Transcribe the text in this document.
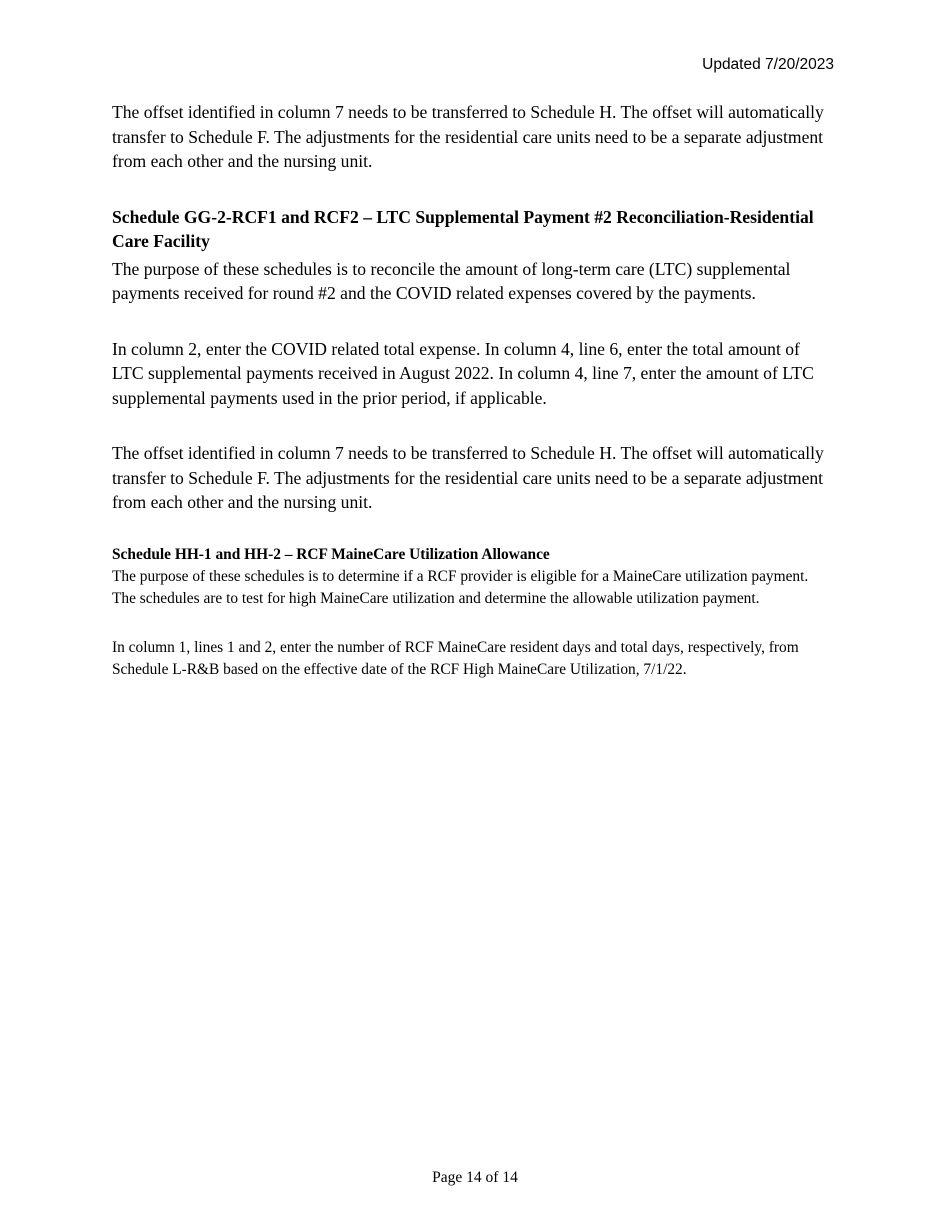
Updated 7/20/2023

The offset identified in column 7 needs to be transferred to Schedule H. The offset will automatically transfer to Schedule F. The adjustments for the residential care units need to be a separate adjustment from each other and the nursing unit.

Schedule GG-2-RCF1 and RCF2 – LTC Supplemental Payment #2 Reconciliation-Residential Care Facility

The purpose of these schedules is to reconcile the amount of long-term care (LTC) supplemental payments received for round #2 and the COVID related expenses covered by the payments.

In column 2, enter the COVID related total expense. In column 4, line 6, enter the total amount of LTC supplemental payments received in August 2022. In column 4, line 7, enter the amount of LTC supplemental payments used in the prior period, if applicable.

The offset identified in column 7 needs to be transferred to Schedule H. The offset will automatically transfer to Schedule F. The adjustments for the residential care units need to be a separate adjustment from each other and the nursing unit.

Schedule HH-1 and HH-2 – RCF MaineCare Utilization Allowance

The purpose of these schedules is to determine if a RCF provider is eligible for a MaineCare utilization payment. The schedules are to test for high MaineCare utilization and determine the allowable utilization payment.

In column 1, lines 1 and 2, enter the number of RCF MaineCare resident days and total days, respectively, from Schedule L-R&B based on the effective date of the RCF High MaineCare Utilization, 7/1/22.

Page 14 of 14
